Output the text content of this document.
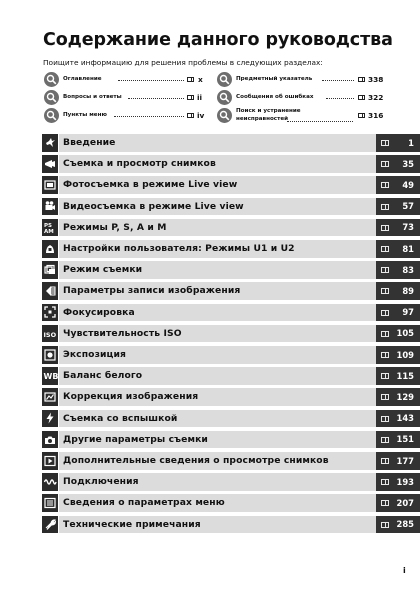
Содержание данного руководства
Поищите информацию для решения проблемы в следующих разделах:
Оглавление	x
Вопросы и ответы	ii
Пункты меню	iv
Предметный указатель	338
Сообщения об ошибках	322
Поиск и устранение
неисправностей	316
Введение	1
Съемка и просмотр снимков	35
Фотосъемка в режиме Live view	49
Видеосъемка в режиме Live view	57
PS
AM Режимы P, S, A и M	73
Настройки пользователя: Режимы U1 и U2	81
Режим съемки	83
Параметры записи изображения	89
Фокусировка	97
ISO Чувствительность ISO	105
Экспозиция	109
WB Баланс белого	115
Коррекция изображения	129
Съемка со вспышкой	143
Другие параметры съемки	151
Дополнительные сведения о просмотре снимков	177
Подключения	193
Сведения о параметрах меню	207
Технические примечания	285
i
